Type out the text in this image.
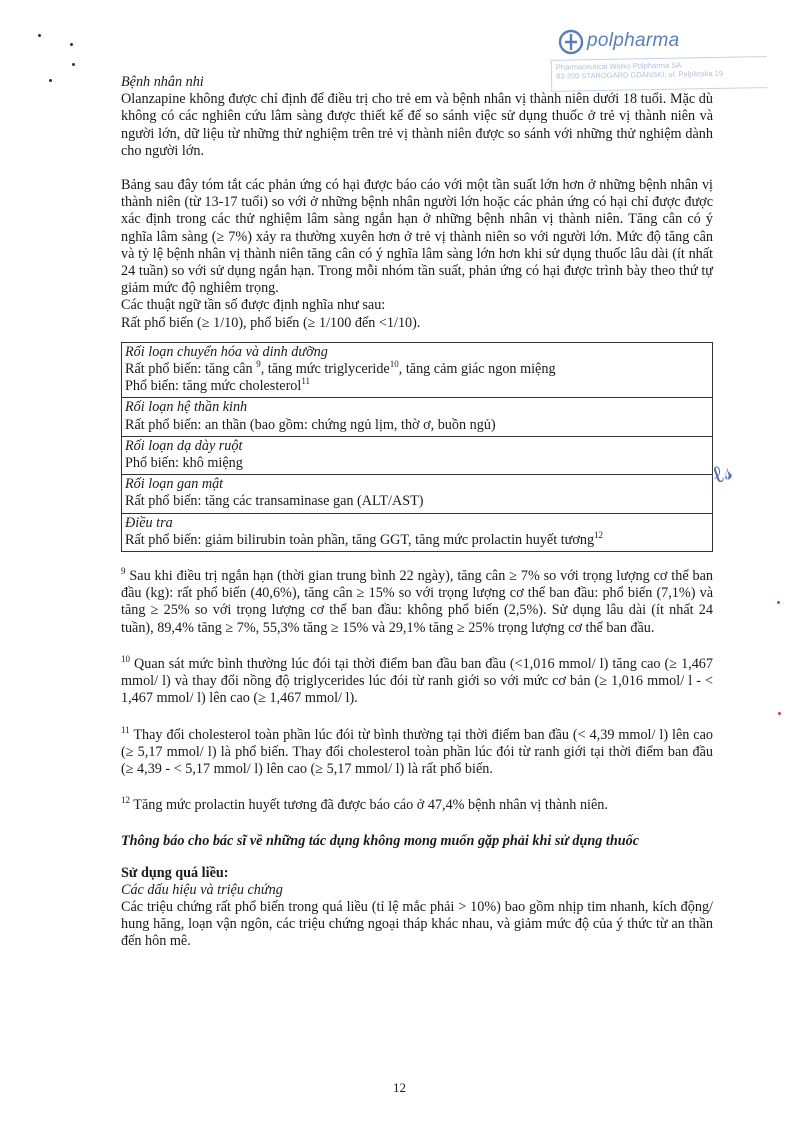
polpharma
Pharmaceutical Works Polpharma SA
83-200 STAROGARD GDANSKI, ul. Pelplinska 19

Bệnh nhân nhi

Olanzapine không được chỉ định để điều trị cho trẻ em và bệnh nhân vị thành niên dưới 18 tuổi. Mặc dù không có các nghiên cứu lâm sàng được thiết kế để so sánh việc sử dụng thuốc ở trẻ vị thành niên và người lớn, dữ liệu từ những thử nghiệm trên trẻ vị thành niên được so sánh với những thử nghiệm dành cho người lớn.

Bảng sau đây tóm tắt các phản ứng có hại được báo cáo với một tần suất lớn hơn ở những bệnh nhân vị thành niên (từ 13-17 tuổi) so với ở những bệnh nhân người lớn hoặc các phản ứng có hại chỉ được được xác định trong các thử nghiệm lâm sàng ngắn hạn ở những bệnh nhân vị thành niên. Tăng cân có ý nghĩa lâm sàng (≥ 7%) xảy ra thường xuyên hơn ở trẻ vị thành niên so với người lớn. Mức độ tăng cân và tỷ lệ bệnh nhân vị thành niên tăng cân có ý nghĩa lâm sàng lớn hơn khi sử dụng thuốc lâu dài (ít nhất 24 tuần) so với sử dụng ngắn hạn. Trong mỗi nhóm tần suất, phản ứng có hại được trình bày theo thứ tự giảm mức độ nghiêm trọng.

Các thuật ngữ tần số được định nghĩa như sau:

Rất phổ biến (≥ 1/10), phổ biến (≥ 1/100 đến <1/10).

Rối loạn chuyển hóa và dinh dưỡng
Rất phổ biến: tăng cân $^9$, tăng mức triglyceride$^{10}$, tăng cảm giác ngon miệng
Phổ biến: tăng mức cholesterol$^{11}$

Rối loạn hệ thần kinh
Rất phổ biến: an thần (bao gồm: chứng ngủ lịm, thờ ơ, buồn ngủ)

Rối loạn dạ dày ruột
Phổ biến: khô miệng

Rối loạn gan mật
Rất phổ biến: tăng các transaminase gan (ALT/AST)

Điều tra
Rất phổ biến: giảm bilirubin toàn phần, tăng GGT, tăng mức prolactin huyết tương$^{12}$

$^9$ Sau khi điều trị ngắn hạn (thời gian trung bình 22 ngày), tăng cân ≥ 7% so với trọng lượng cơ thể ban đầu (kg): rất phổ biến (40,6%), tăng cân ≥ 15% so với trọng lượng cơ thể ban đầu: phổ biến (7,1%) và tăng ≥ 25% so với trọng lượng cơ thể ban đầu: không phổ biến (2,5%). Sử dụng lâu dài (ít nhất 24 tuần), 89,4% tăng ≥ 7%, 55,3% tăng ≥ 15% và 29,1% tăng ≥ 25% trọng lượng cơ thể ban đầu.

$^{10}$ Quan sát mức bình thường lúc đói tại thời điểm ban đầu ban đầu (<1,016 mmol/ l) tăng cao (≥ 1,467 mmol/ l) và thay đổi nồng độ triglycerides lúc đói từ ranh giới so với mức cơ bản (≥ 1,016 mmol/ l - < 1,467 mmol/ l) lên cao (≥ 1,467 mmol/ l).

$^{11}$ Thay đổi cholesterol toàn phần lúc đói từ bình thường tại thời điểm ban đầu (< 4,39 mmol/ l) lên cao (≥ 5,17 mmol/ l) là phổ biến. Thay đổi cholesterol toàn phần lúc đói từ ranh giới tại thời điểm ban đầu (≥ 4,39 - < 5,17 mmol/ l) lên cao (≥ 5,17 mmol/ l) là rất phổ biến.

$^{12}$ Tăng mức prolactin huyết tương đã được báo cáo ở 47,4% bệnh nhân vị thành niên.

Thông báo cho bác sĩ về những tác dụng không mong muốn gặp phải khi sử dụng thuốc

Sử dụng quá liều:

Các dấu hiệu và triệu chứng

Các triệu chứng rất phổ biến trong quá liều (tỉ lệ mắc phải > 10%) bao gồm nhịp tim nhanh, kích động/ hung hăng, loạn vận ngôn, các triệu chứng ngoại tháp khác nhau, và giảm mức độ của ý thức từ an thần đến hôn mê.

ℓ𝓈
12
